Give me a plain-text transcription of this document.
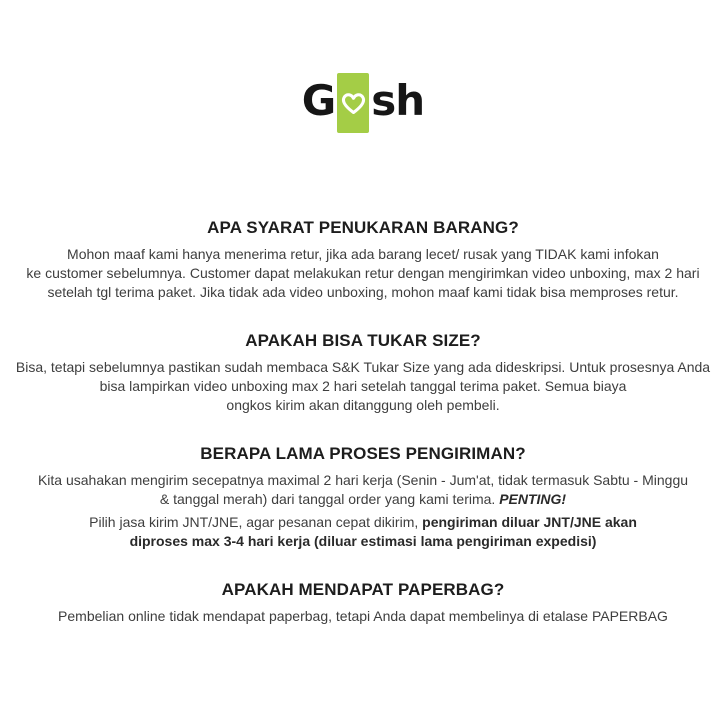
G sh
APA SYARAT PENUKARAN BARANG?

Mohon maaf kami hanya menerima retur, jika ada barang lecet/ rusak yang TIDAK kami infokan
ke customer sebelumnya. Customer dapat melakukan retur dengan mengirimkan video unboxing, max 2 hari
setelah tgl terima paket. Jika tidak ada video unboxing, mohon maaf kami tidak bisa memproses retur.

APAKAH BISA TUKAR SIZE?

Bisa, tetapi sebelumnya pastikan sudah membaca S&K Tukar Size yang ada dideskripsi. Untuk prosesnya Anda
bisa lampirkan video unboxing max 2 hari setelah tanggal terima paket. Semua biaya
ongkos kirim akan ditanggung oleh pembeli.

BERAPA LAMA PROSES PENGIRIMAN?

Kita usahakan mengirim secepatnya maximal 2 hari kerja (Senin - Jum'at, tidak termasuk Sabtu - Minggu
& tanggal merah) dari tanggal order yang kami terima. PENTING!

Pilih jasa kirim JNT/JNE, agar pesanan cepat dikirim, pengiriman diluar JNT/JNE akan
diproses max 3-4 hari kerja (diluar estimasi lama pengiriman expedisi)

APAKAH MENDAPAT PAPERBAG?

Pembelian online tidak mendapat paperbag, tetapi Anda dapat membelinya di etalase PAPERBAG
